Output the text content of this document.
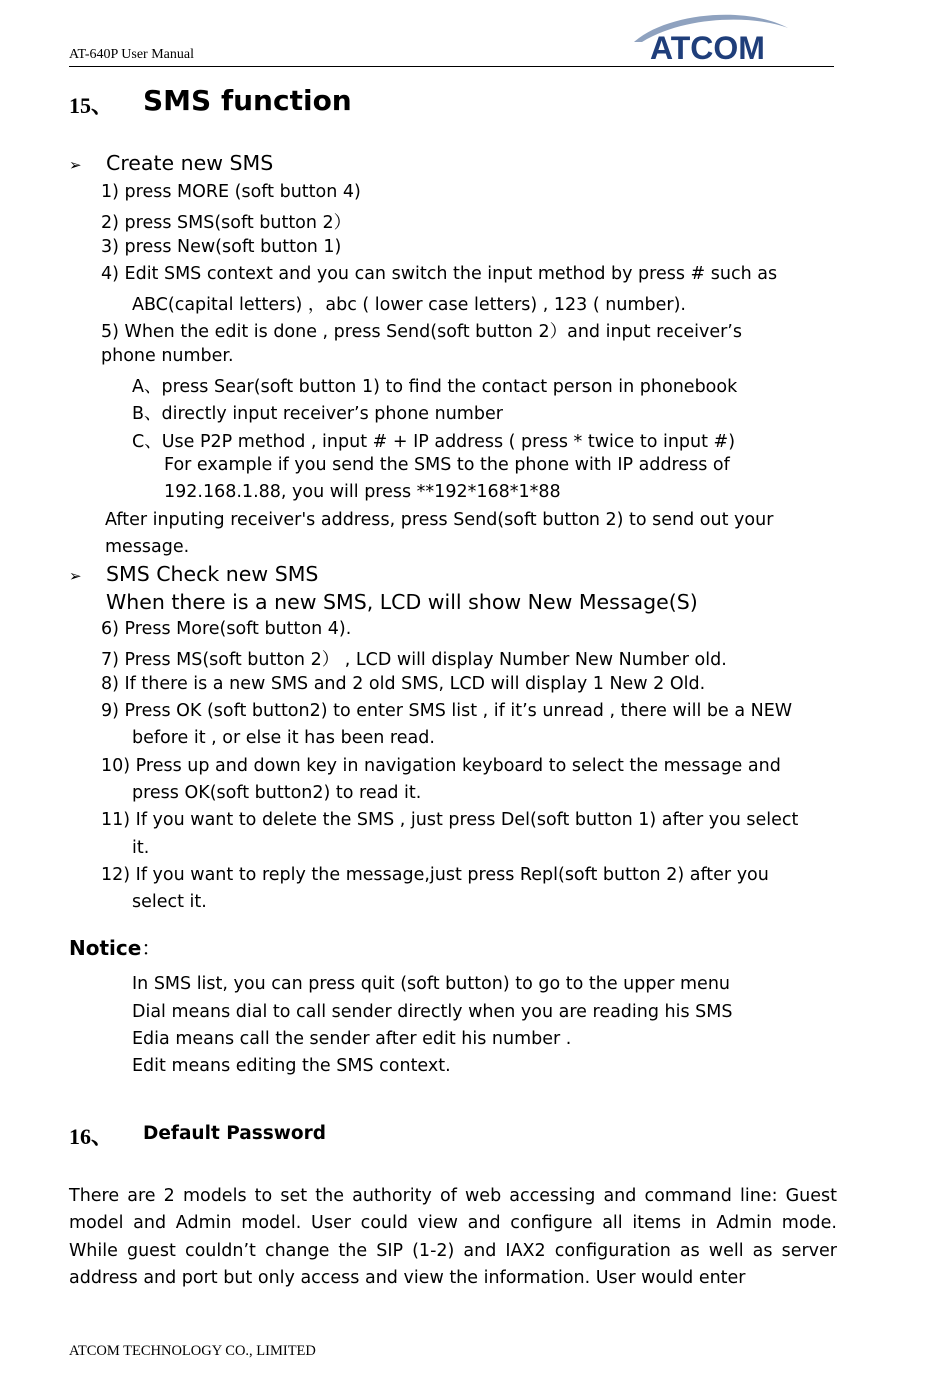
AT-640P User Manual	ATCOM
15、 SMS function
➢ Create new SMS
1) press MORE (soft button 4)
2) press SMS(soft button 2）
3) press New(soft button 1)
4) Edit SMS context and you can switch the input method by press # such as
ABC(capital letters) ，abc ( lower case letters) , 123 ( number).
5) When the edit is done , press Send(soft button 2）and input receiver’s
phone number.
A、press Sear(soft button 1) to find the contact person in phonebook
B、directly input receiver’s phone number
C、Use P2P method , input # + IP address ( press * twice to input #)
For example if you send the SMS to the phone with IP address of
192.168.1.88, you will press **192*168*1*88
After inputing receiver's address, press Send(soft button 2) to send out your
message.
➢ SMS Check new SMS
When there is a new SMS, LCD will show New Message(S)
6) Press More(soft button 4).
7) Press MS(soft button 2） , LCD will display Number New Number old.
8) If there is a new SMS and 2 old SMS, LCD will display 1 New 2 Old.
9) Press OK (soft button2) to enter SMS list , if it’s unread , there will be a NEW
before it , or else it has been read.
10) Press up and down key in navigation keyboard to select the message and
press OK(soft button2) to read it.
11) If you want to delete the SMS , just press Del(soft button 1) after you select
it.
12) If you want to reply the message,just press Repl(soft button 2) after you
select it.
Notice：
In SMS list, you can press quit (soft button) to go to the upper menu
Dial means dial to call sender directly when you are reading his SMS
Edia means call the sender after edit his number .
Edit means editing the SMS context.
16、 Default Password
There are 2 models to set the authority of web accessing and command line: Guest model and Admin model. User could view and configure all items in Admin mode. While guest couldn’t change the SIP (1-2) and IAX2 configuration as well as server address and port but only access and view the information. User would enter
ATCOM TECHNOLOGY CO., LIMITED
